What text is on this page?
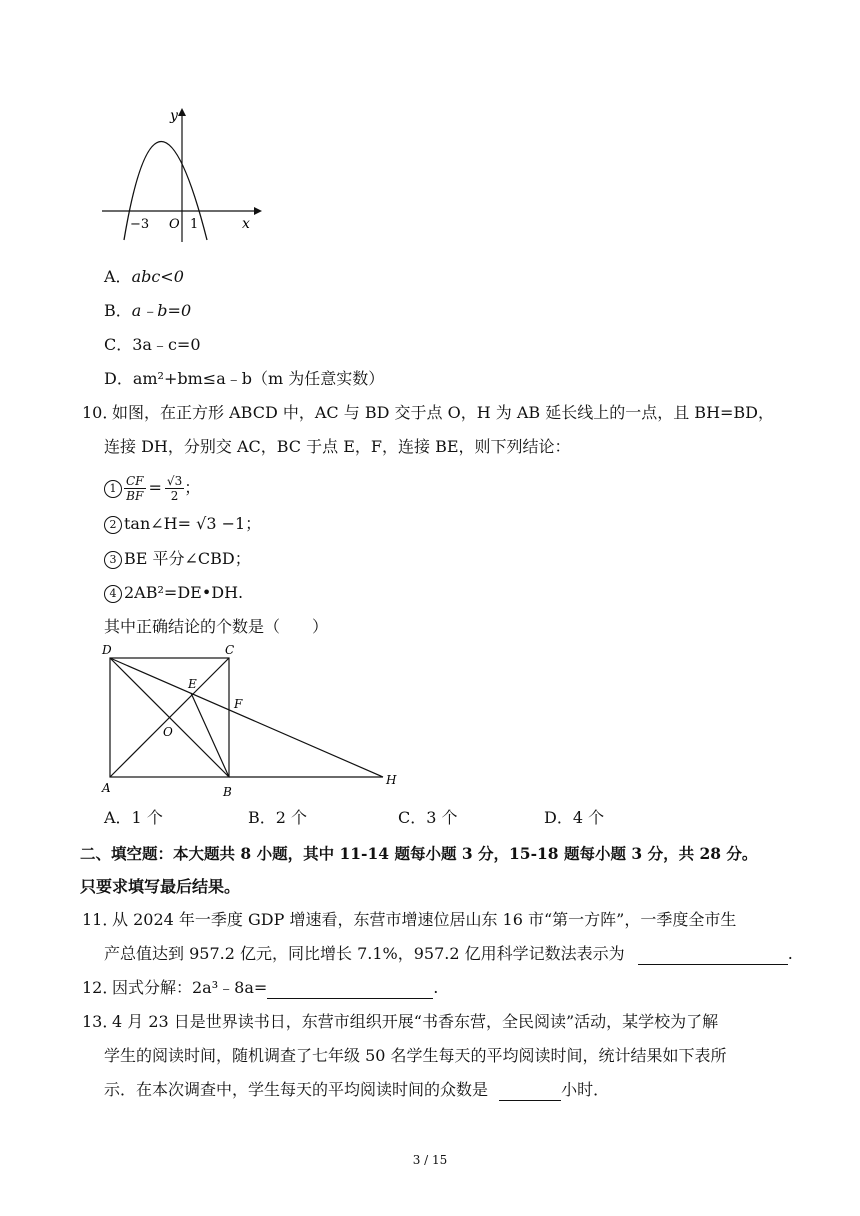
y
x
−3 O 1
A．abc<0
B．a﹣b=0
C．3a﹣c=0
D．am²+bm≤a﹣b（m 为任意实数）
10．
如图，在正方形 ABCD 中，AC 与 BD 交于点 O，H 为 AB 延长线上的一点，且 BH=BD，
连接 DH，分别交 AC，BC 于点 E，F，连接 BE，则下列结论：
$1 \frac{CF}{BF} = \frac{√3}{2}$ ；
2 tan∠H= √3 −1；
3 BE 平分∠CBD；
4 2AB²=DE•DH.
其中正确结论的个数是（　　）
D	C
E
F
O
A	B
H
A．1 个	B．2 个	C．3 个	D．4 个
二、填空题：本大题共 8 小题，其中 11-14 题每小题 3 分，15-18 题每小题 3 分，共 28 分。
只要求填写最后结果。
11．
从 2024 年一季度 GDP 增速看，东营市增速位居山东 16 市“第一方阵”，一季度全市生
产总值达到 957.2 亿元，同比增长 7.1%，957.2 亿用科学记数法表示为	.
12．
因式分解：2a³﹣8a=	.
13．
4 月 23 日是世界读书日，东营市组织开展“书香东营，全民阅读”活动，某学校为了解
学生的阅读时间，随机调查了七年级 50 名学生每天的平均阅读时间，统计结果如下表所
示．在本次调查中，学生每天的平均阅读时间的众数是	小时．
3 / 15
